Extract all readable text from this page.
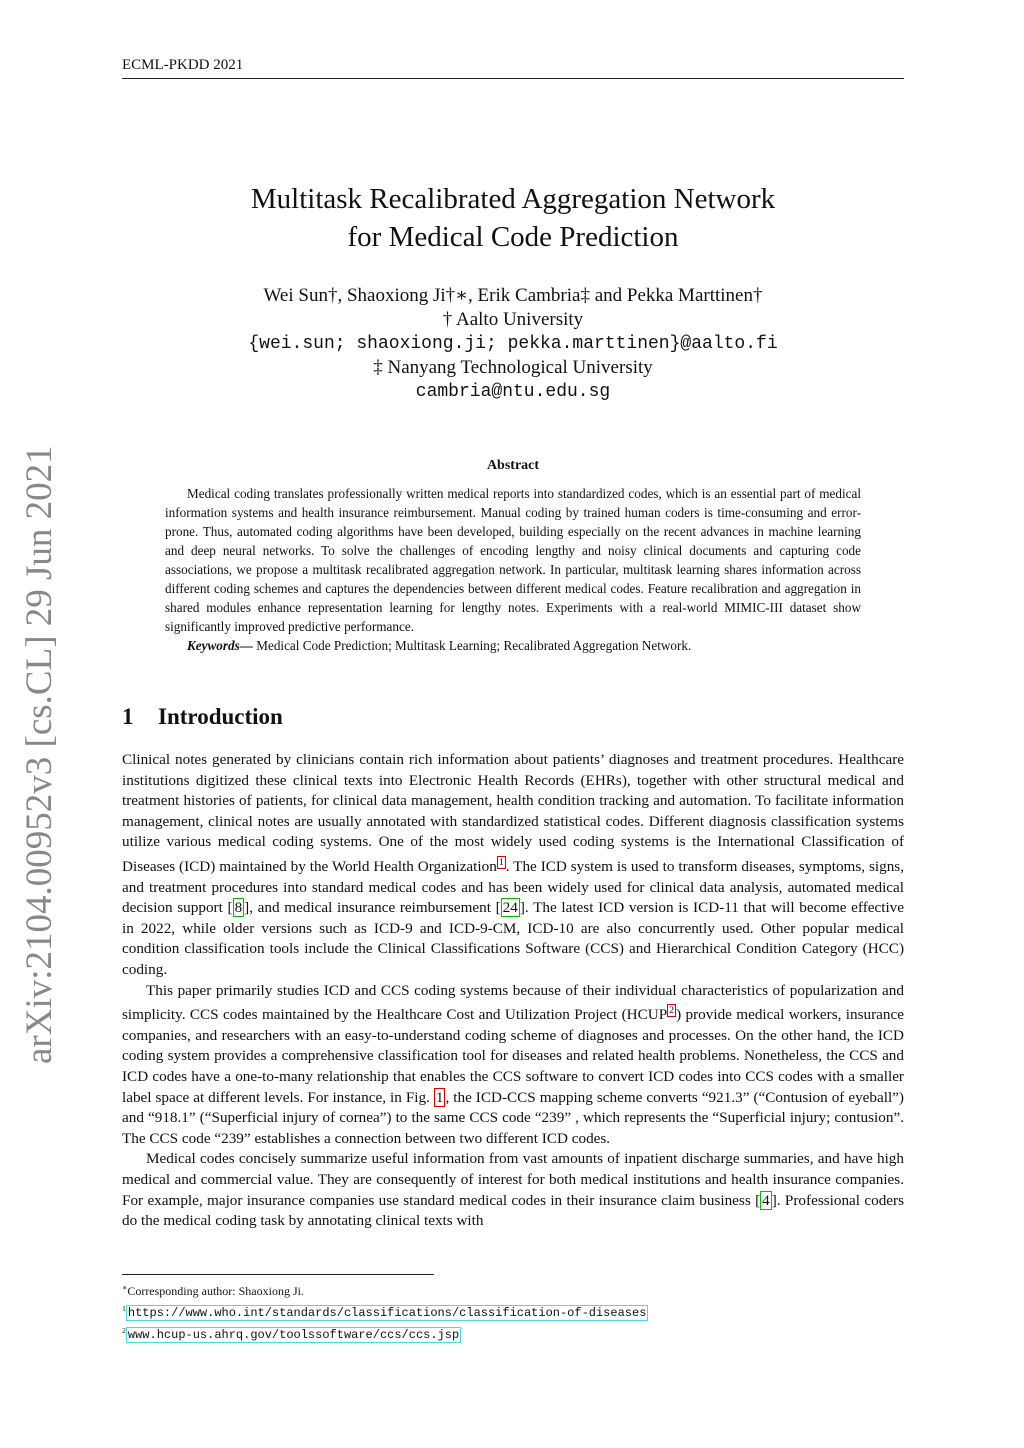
ECML-PKDD 2021
arXiv:2104.00952v3 [cs.CL] 29 Jun 2021
Multitask Recalibrated Aggregation Network
for Medical Code Prediction
Wei Sun†, Shaoxiong Ji†∗, Erik Cambria‡ and Pekka Marttinen†
† Aalto University
{wei.sun; shaoxiong.ji; pekka.marttinen}@aalto.fi
‡ Nanyang Technological University
cambria@ntu.edu.sg
Abstract

Medical coding translates professionally written medical reports into standardized codes, which is an essential part of medical information systems and health insurance reimbursement. Manual coding by trained human coders is time-consuming and error-prone. Thus, automated coding algorithms have been developed, building especially on the recent advances in machine learning and deep neural networks. To solve the challenges of encoding lengthy and noisy clinical documents and capturing code associations, we propose a multitask recalibrated aggregation network. In particular, multitask learning shares information across different coding schemes and captures the dependencies between different medical codes. Feature recalibration and aggregation in shared modules enhance representation learning for lengthy notes. Experiments with a real-world MIMIC-III dataset show significantly improved predictive performance.

Keywords— Medical Code Prediction; Multitask Learning; Recalibrated Aggregation Network.

1 Introduction

Clinical notes generated by clinicians contain rich information about patients’ diagnoses and treatment procedures. Healthcare institutions digitized these clinical texts into Electronic Health Records (EHRs), together with other structural medical and treatment histories of patients, for clinical data management, health condition tracking and automation. To facilitate information management, clinical notes are usually annotated with standardized statistical codes. Different diagnosis classification systems utilize various medical coding systems. One of the most widely used coding systems is the International Classification of Diseases (ICD) maintained by the World Health Organization $^1$ . The ICD system is used to transform diseases, symptoms, signs, and treatment procedures into standard medical codes and has been widely used for clinical data analysis, automated medical decision support [ 8 ], and medical insurance reimbursement [ 24 ]. The latest ICD version is ICD-11 that will become effective in 2022, while older versions such as ICD-9 and ICD-9-CM, ICD-10 are also concurrently used. Other popular medical condition classification tools include the Clinical Classifications Software (CCS) and Hierarchical Condition Category (HCC) coding.

This paper primarily studies ICD and CCS coding systems because of their individual characteristics of popularization and simplicity. CCS codes maintained by the Healthcare Cost and Utilization Project (HCUP $^2$ ) provide medical workers, insurance companies, and researchers with an easy-to-understand coding scheme of diagnoses and processes. On the other hand, the ICD coding system provides a comprehensive classification tool for diseases and related health problems. Nonetheless, the CCS and ICD codes have a one-to-many relationship that enables the CCS software to convert ICD codes into CCS codes with a smaller label space at different levels. For instance, in Fig. 1 , the ICD-CCS mapping scheme converts “921.3” (“Contusion of eyeball”) and “918.1” (“Superficial injury of cornea”) to the same CCS code “239” , which represents the “Superficial injury; contusion”. The CCS code “239” establishes a connection between two different ICD codes.

Medical codes concisely summarize useful information from vast amounts of inpatient discharge summaries, and have high medical and commercial value. They are consequently of interest for both medical institutions and health insurance companies. For example, major insurance companies use standard medical codes in their insurance claim business [ 4 ]. Professional coders do the medical coding task by annotating clinical texts with

∗Corresponding author: Shaoxiong Ji.

$^1$ https://www.who.int/standards/classifications/classification-of-diseases

$^2$ www.hcup-us.ahrq.gov/toolssoftware/ccs/ccs.jsp
